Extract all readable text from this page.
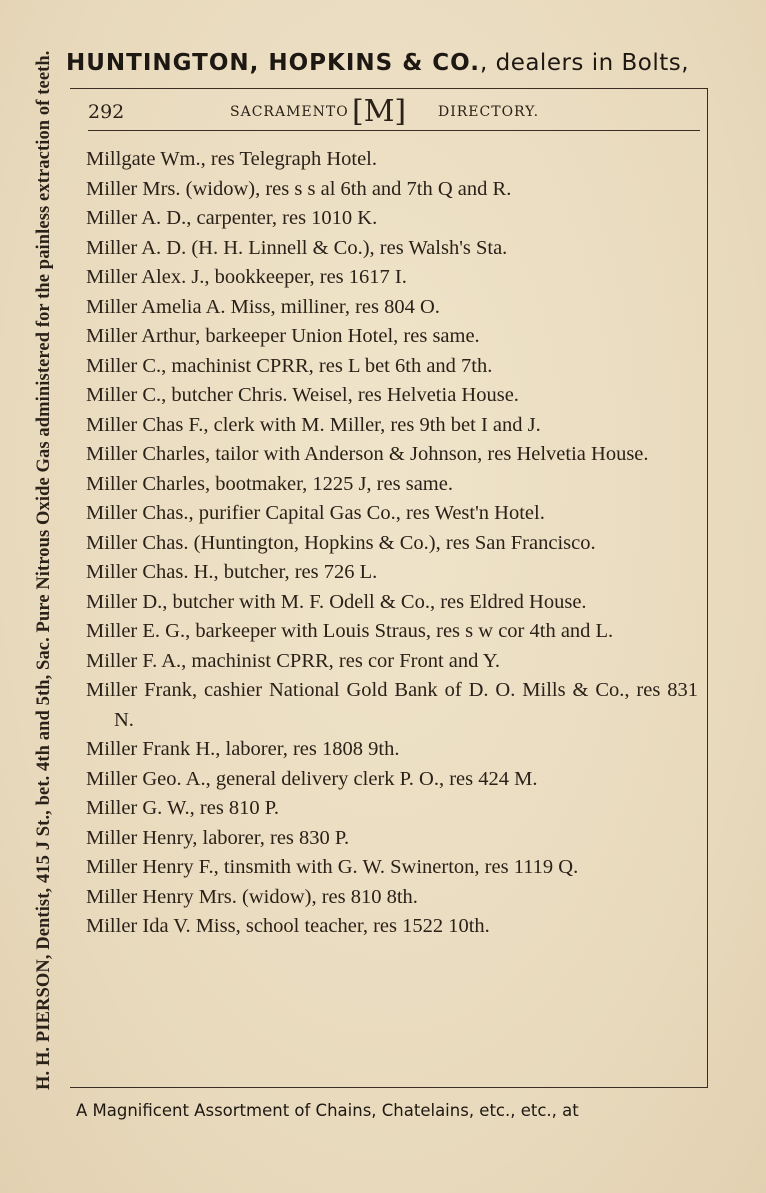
HUNTINGTON, HOPKINS & CO., dealers in Bolts,
H. H. PIERSON, Dentist, 415 J St., bet. 4th and 5th, Sac. Pure Nitrous Oxide Gas administered for the painless extraction of teeth.	292	SACRAMENTO [M] DIRECTORY.
Millgate Wm., res Telegraph Hotel.
Miller Mrs. (widow), res s s al 6th and 7th Q and R.
Miller A. D., carpenter, res 1010 K.
Miller A. D. (H. H. Linnell & Co.), res Walsh's Sta.
Miller Alex. J., bookkeeper, res 1617 I.
Miller Amelia A. Miss, milliner, res 804 O.
Miller Arthur, barkeeper Union Hotel, res same.
Miller C., machinist CPRR, res L bet 6th and 7th.
Miller C., butcher Chris. Weisel, res Helvetia House.
Miller Chas F., clerk with M. Miller, res 9th bet I and J.
Miller Charles, tailor with Anderson & Johnson, res Helvetia House.
Miller Charles, bootmaker, 1225 J, res same.
Miller Chas., purifier Capital Gas Co., res West'n Hotel.
Miller Chas. (Huntington, Hopkins & Co.), res San Francisco.
Miller Chas. H., butcher, res 726 L.
Miller D., butcher with M. F. Odell & Co., res Eldred House.
Miller E. G., barkeeper with Louis Straus, res s w cor 4th and L.
Miller F. A., machinist CPRR, res cor Front and Y.
Miller Frank, cashier National Gold Bank of D. O. Mills & Co., res 831 N.
Miller Frank H., laborer, res 1808 9th.
Miller Geo. A., general delivery clerk P. O., res 424 M.
Miller G. W., res 810 P.
Miller Henry, laborer, res 830 P.
Miller Henry F., tinsmith with G. W. Swinerton, res 1119 Q.
Miller Henry Mrs. (widow), res 810 8th.
Miller Ida V. Miss, school teacher, res 1522 10th.
A Magnificent Assortment of Chains, Chatelains, etc., etc., at
